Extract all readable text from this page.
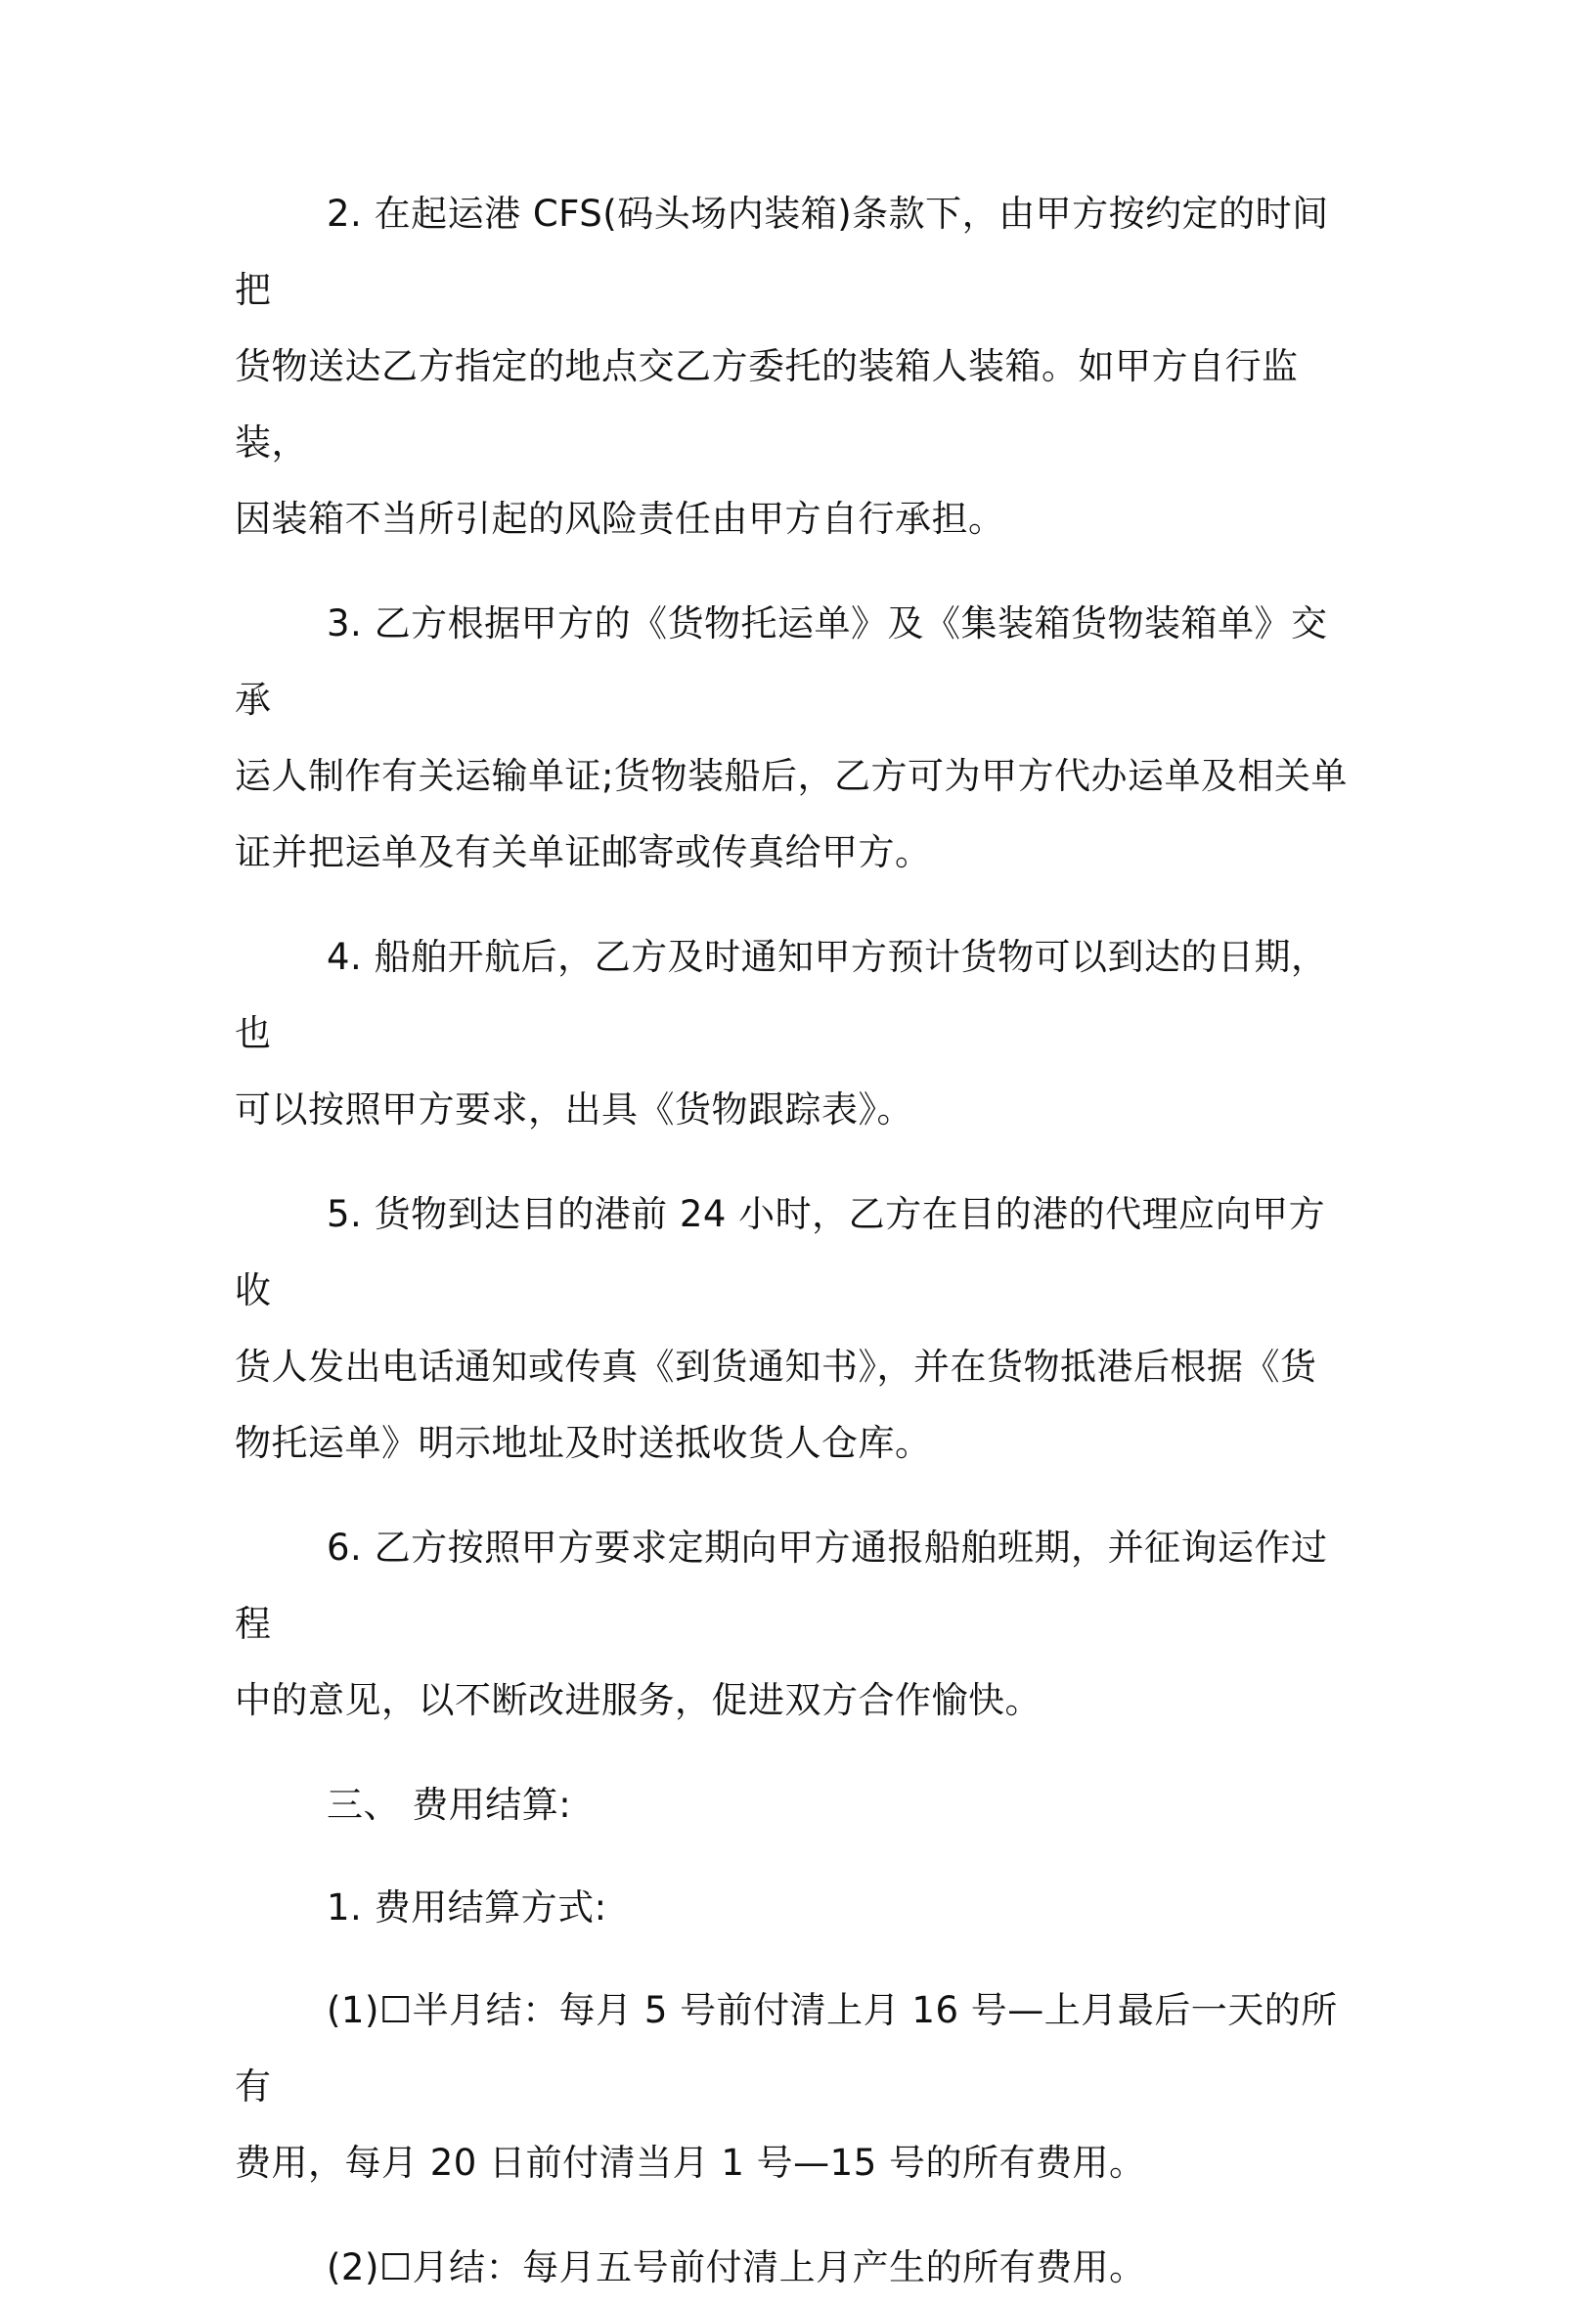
2. 在起运港 CFS(码头场内装箱)条款下，由甲方按约定的时间把
货物送达乙方指定的地点交乙方委托的装箱人装箱。如甲方自行监装，
因装箱不当所引起的风险责任由甲方自行承担。

3. 乙方根据甲方的《货物托运单》及《集装箱货物装箱单》交承
运人制作有关运输单证;货物装船后，乙方可为甲方代办运单及相关单
证并把运单及有关单证邮寄或传真给甲方。

4. 船舶开航后，乙方及时通知甲方预计货物可以到达的日期，也
可以按照甲方要求，出具《货物跟踪表》。

5. 货物到达目的港前 24 小时，乙方在目的港的代理应向甲方收
货人发出电话通知或传真《到货通知书》，并在货物抵港后根据《货
物托运单》明示地址及时送抵收货人仓库。

6. 乙方按照甲方要求定期向甲方通报船舶班期，并征询运作过程
中的意见，以不断改进服务，促进双方合作愉快。

三、 费用结算:

1. 费用结算方式:

(1)☐半月结：每月 5 号前付清上月 16 号—上月最后一天的所有
费用，每月 20 日前付清当月 1 号—15 号的所有费用。

(2)☐月结：每月五号前付清上月产生的所有费用。
